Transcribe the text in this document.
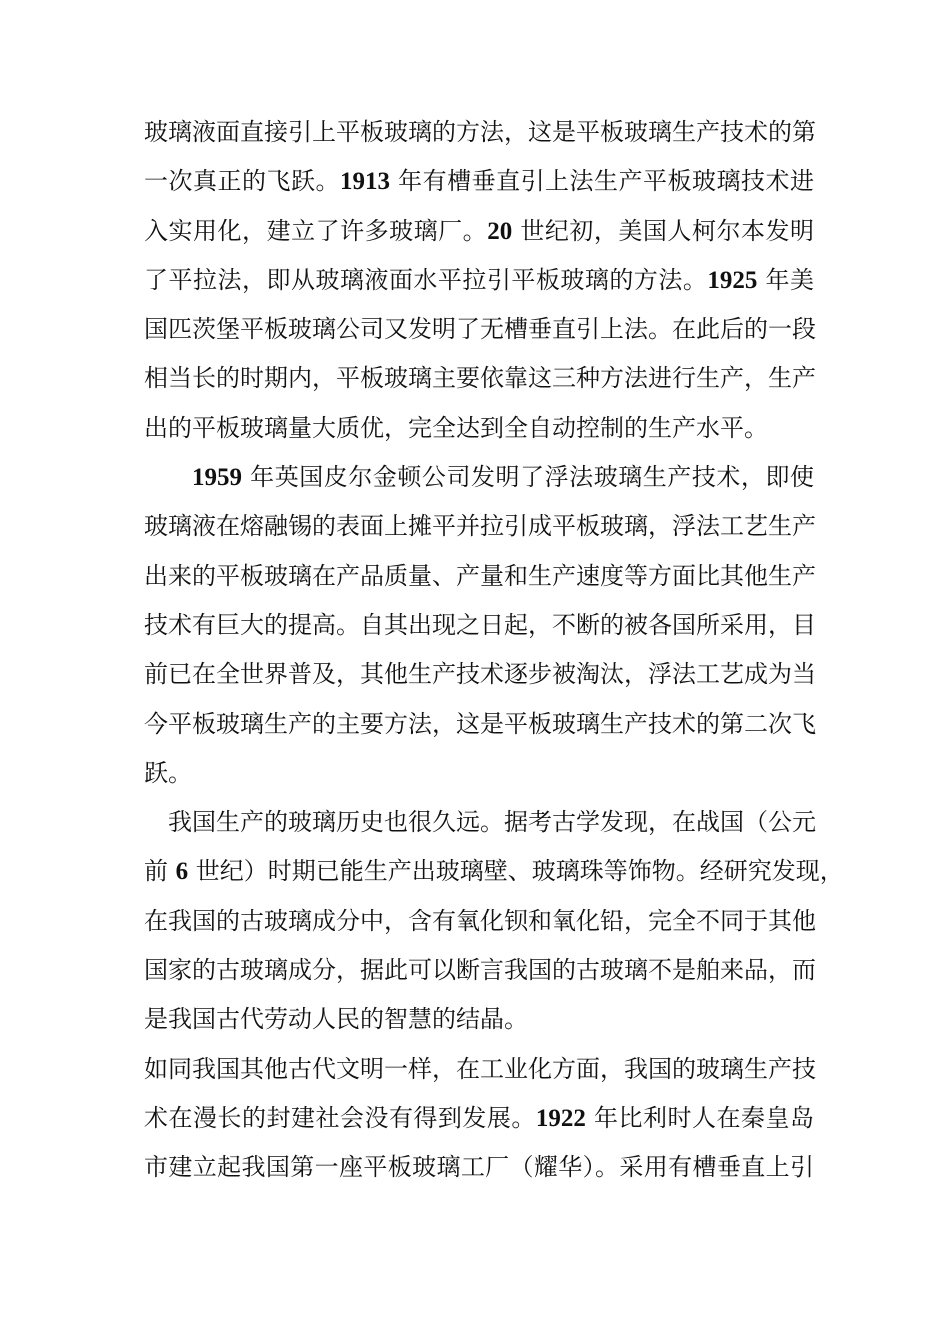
玻璃液面直接引上平板玻璃的方法，这是平板玻璃生产技术的第
一次真正的飞跃。1913 年有槽垂直引上法生产平板玻璃技术进
入实用化，建立了许多玻璃厂。20 世纪初，美国人柯尔本发明
了平拉法，即从玻璃液面水平拉引平板玻璃的方法。1925 年美
国匹茨堡平板玻璃公司又发明了无槽垂直引上法。在此后的一段
相当长的时期内，平板玻璃主要依靠这三种方法进行生产，生产
出的平板玻璃量大质优，完全达到全自动控制的生产水平。
1959 年英国皮尔金顿公司发明了浮法玻璃生产技术，即使
玻璃液在熔融锡的表面上摊平并拉引成平板玻璃，浮法工艺生产
出来的平板玻璃在产品质量、产量和生产速度等方面比其他生产
技术有巨大的提高。自其出现之日起，不断的被各国所采用，目
前已在全世界普及，其他生产技术逐步被淘汰，浮法工艺成为当
今平板玻璃生产的主要方法，这是平板玻璃生产技术的第二次飞
跃。
我国生产的玻璃历史也很久远。据考古学发现，在战国（公元
前 6 世纪）时期已能生产出玻璃壁、玻璃珠等饰物。经研究发现，
在我国的古玻璃成分中，含有氧化钡和氧化铅，完全不同于其他
国家的古玻璃成分，据此可以断言我国的古玻璃不是舶来品，而
是我国古代劳动人民的智慧的结晶。
如同我国其他古代文明一样，在工业化方面，我国的玻璃生产技
术在漫长的封建社会没有得到发展。1922 年比利时人在秦皇岛
市建立起我国第一座平板玻璃工厂（耀华）。采用有槽垂直上引
